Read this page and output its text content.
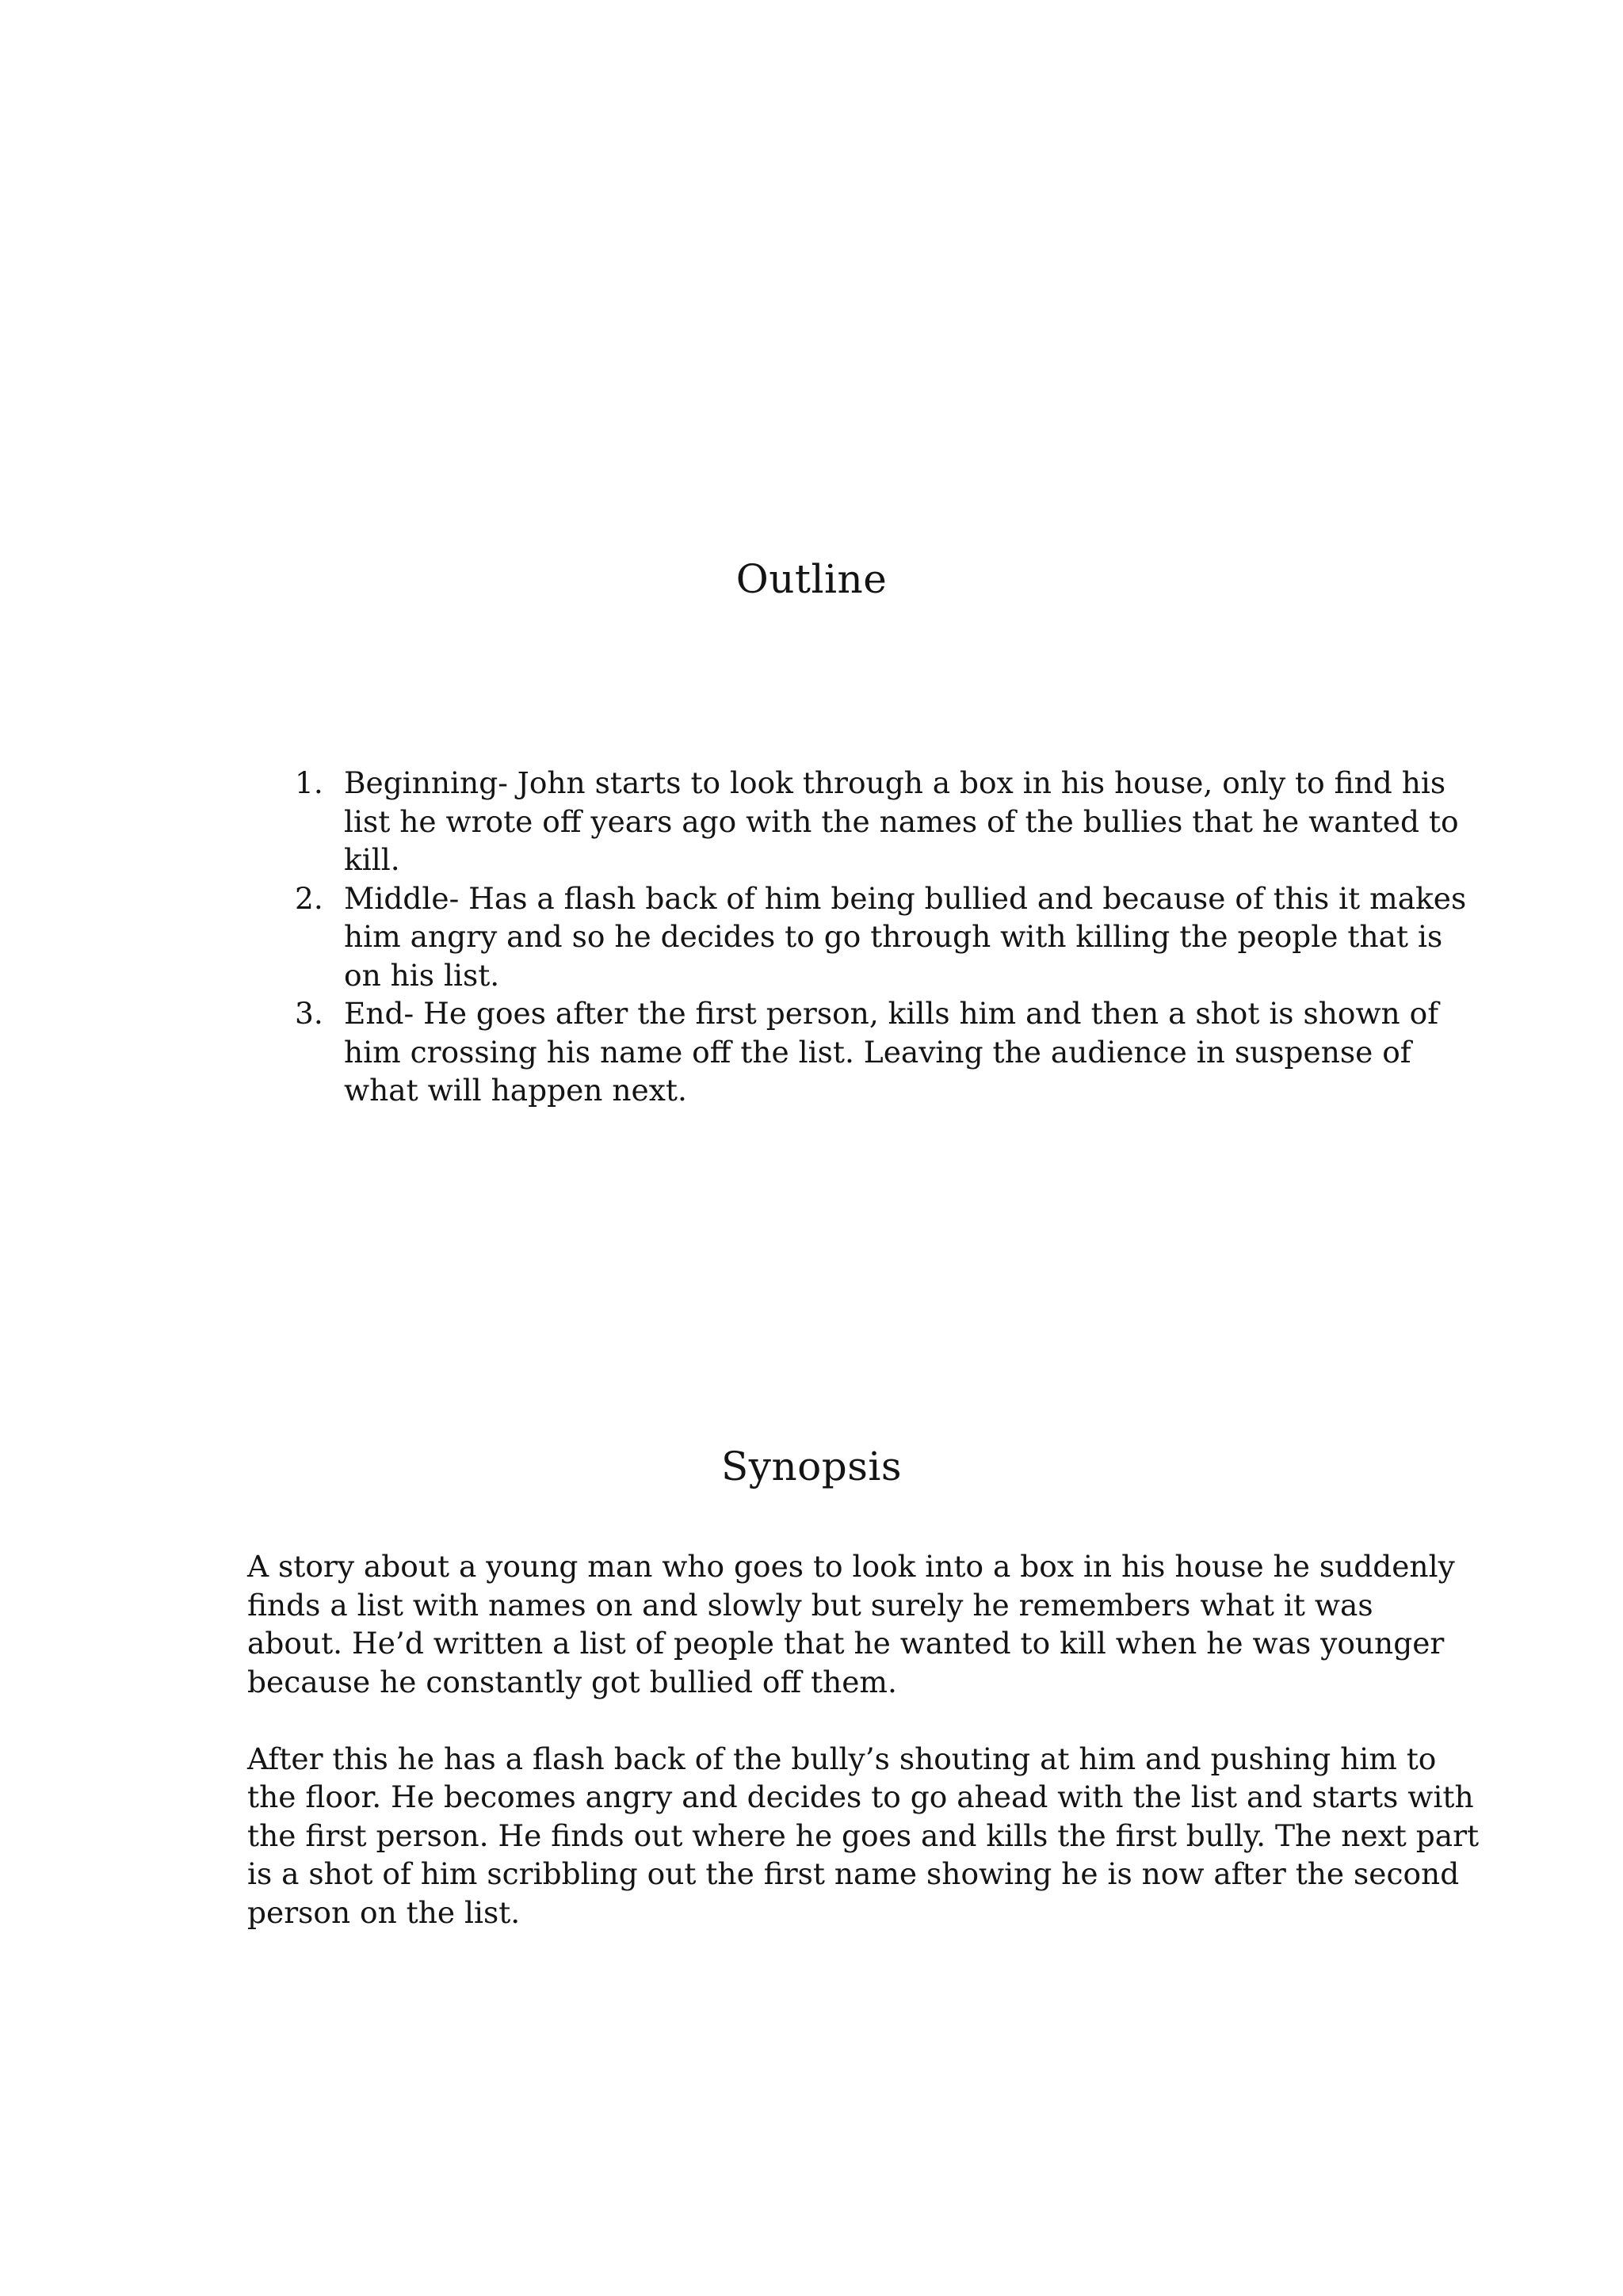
Outline
1. Beginning- John starts to look through a box in his house, only to find his
list he wrote off years ago with the names of the bullies that he wanted to
kill.
2. Middle- Has a flash back of him being bullied and because of this it makes
him angry and so he decides to go through with killing the people that is
on his list.
3. End- He goes after the first person, kills him and then a shot is shown of
him crossing his name off the list. Leaving the audience in suspense of
what will happen next.
Synopsis

A story about a young man who goes to look into a box in his house he suddenly
finds a list with names on and slowly but surely he remembers what it was
about. He’d written a list of people that he wanted to kill when he was younger
because he constantly got bullied off them.

After this he has a flash back of the bully’s shouting at him and pushing him to
the floor. He becomes angry and decides to go ahead with the list and starts with
the first person. He finds out where he goes and kills the first bully. The next part
is a shot of him scribbling out the first name showing he is now after the second
person on the list.
